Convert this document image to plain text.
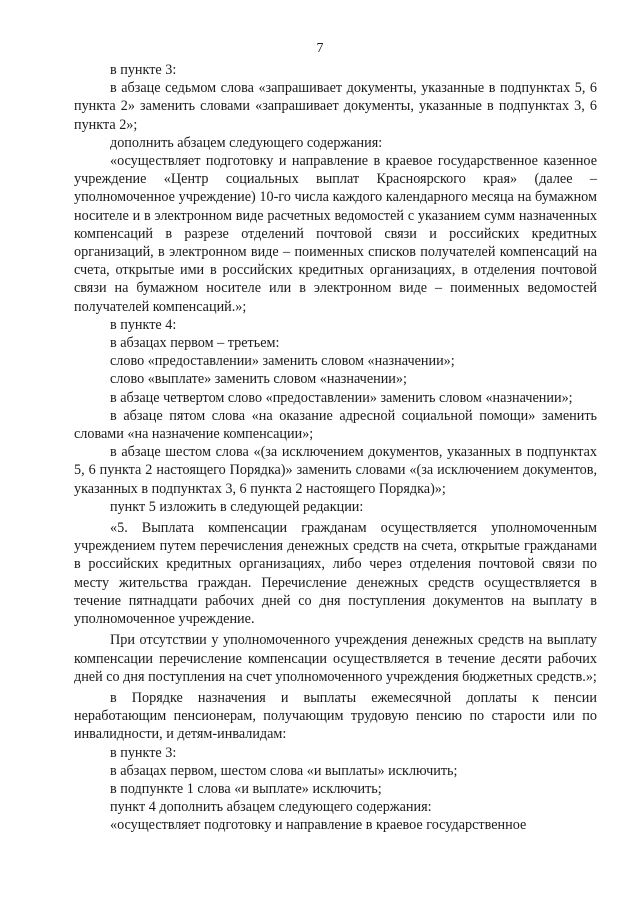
7

в пункте 3:

в абзаце седьмом слова «запрашивает документы, указанные в подпунктах 5, 6 пункта 2» заменить словами «запрашивает документы, указанные в подпунктах 3, 6 пункта 2»;

дополнить абзацем следующего содержания:

«осуществляет подготовку и направление в краевое государственное казенное учреждение «Центр социальных выплат Красноярского края» (далее – уполномоченное учреждение) 10-го числа каждого календарного месяца на бумажном носителе и в электронном виде расчетных ведомостей с указанием сумм назначенных компенсаций в разрезе отделений почтовой связи и российских кредитных организаций, в электронном виде – поименных списков получателей компенсаций на счета, открытые ими в российских кредитных организациях, в отделения почтовой связи на бумажном носителе или в электронном виде – поименных ведомостей получателей компенсаций.»;

в пункте 4:

в абзацах первом – третьем:

слово «предоставлении» заменить словом «назначении»;

слово «выплате» заменить словом «назначении»;

в абзаце четвертом слово «предоставлении» заменить словом «назначении»;

в абзаце пятом слова «на оказание адресной социальной помощи» заменить словами «на назначение компенсации»;

в абзаце шестом слова «(за исключением документов, указанных в подпунктах 5, 6 пункта 2 настоящего Порядка)» заменить словами «(за исключением документов, указанных в подпунктах 3, 6 пункта 2 настоящего Порядка)»;

пункт 5 изложить в следующей редакции:

«5. Выплата компенсации гражданам осуществляется уполномоченным учреждением путем перечисления денежных средств на счета, открытые гражданами в российских кредитных организациях, либо через отделения почтовой связи по месту жительства граждан. Перечисление денежных средств осуществляется в течение пятнадцати рабочих дней со дня поступления документов на выплату в уполномоченное учреждение.

При отсутствии у уполномоченного учреждения денежных средств на выплату компенсации перечисление компенсации осуществляется в течение десяти рабочих дней со дня поступления на счет уполномоченного учреждения бюджетных средств.»;

в Порядке назначения и выплаты ежемесячной доплаты к пенсии неработающим пенсионерам, получающим трудовую пенсию по старости или по инвалидности, и детям-инвалидам:

в пункте 3:

в абзацах первом, шестом слова «и выплаты» исключить;

в подпункте 1 слова «и выплате» исключить;

пункт 4 дополнить абзацем следующего содержания:

«осуществляет подготовку и направление в краевое государственное
